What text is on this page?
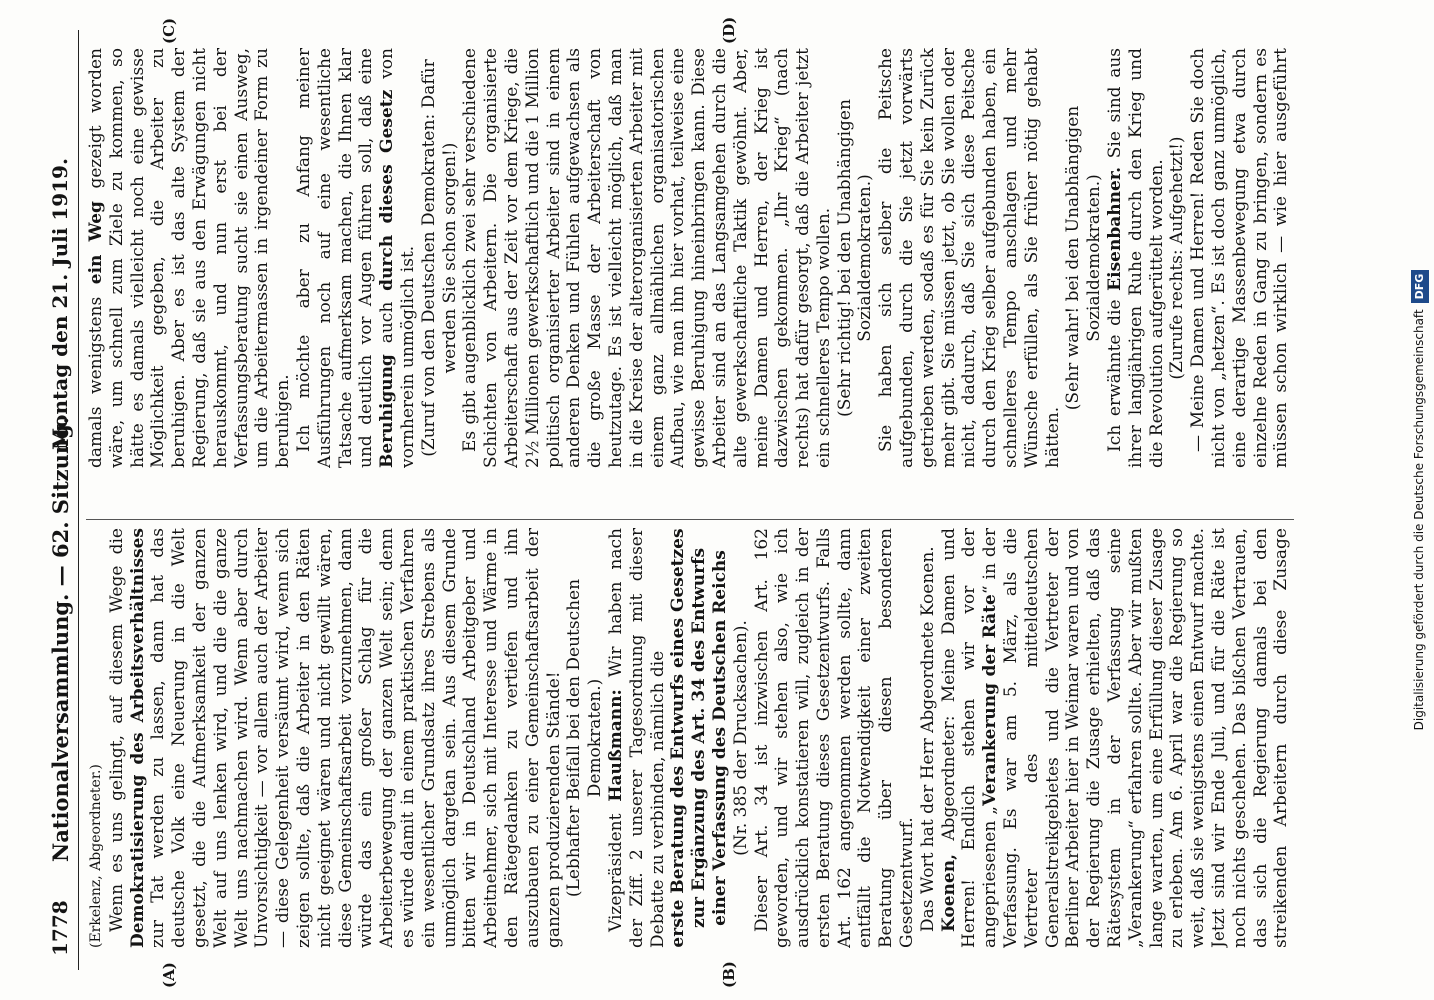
1778
Nationalversammlung. — 62. Sitzung.
Montag den 21. Juli 1919.
(A)	(B)
(C)	(D)

(Erkelenz, Abgeordneter.) Wenn es uns gelingt, auf diesem Wege die Demokratisierung des Arbeitsverhältnisses zur Tat werden zu lassen, dann hat das deutsche Volk eine Neuerung in die Welt gesetzt, die die Aufmerksamkeit der ganzen Welt auf uns lenken wird, und die die ganze Welt uns nachmachen wird. Wenn aber durch Unvorsichtigkeit — vor allem auch der Arbeiter — diese Gelegenheit versäumt wird, wenn sich zeigen sollte, daß die Arbeiter in den Räten nicht geeignet wären und nicht gewillt wären, diese Gemeinschaftsarbeit vorzunehmen, dann würde das ein großer Schlag für die Arbeiterbewegung der ganzen Welt sein; denn es würde damit in einem praktischen Verfahren ein wesentlicher Grundsatz ihres Strebens als unmöglich dargetan sein. Aus diesem Grunde bitten wir in Deutschland Arbeitgeber und Arbeitnehmer, sich mit Interesse und Wärme in den Rätegedanken zu vertiefen und ihn auszubauen zu einer Gemeinschaftsarbeit der ganzen produzierenden Stände! (Lebhafter Beifall bei den Deutschen Demokraten.)

Vizepräsident Haußmann: Wir haben nach der Ziff. 2 unserer Tagesordnung mit dieser Debatte zu verbinden, nämlich die erste Beratung des Entwurfs eines Gesetzes zur Ergänzung des Art. 34 des Entwurfs einer Verfassung des Deutschen Reichs (Nr. 385 der Drucksachen). Dieser Art. 34 ist inzwischen Art. 162 geworden, und wir stehen also, wie ich ausdrücklich konstatieren will, zugleich in der ersten Beratung dieses Gesetzentwurfs. Falls Art. 162 angenommen werden sollte, dann entfällt die Notwendigkeit einer zweiten Beratung über diesen besonderen Gesetzentwurf. Das Wort hat der Herr Abgeordnete Koenen. Koenen, Abgeordneter: Meine Damen und Herren! Endlich stehen wir vor der angepriesenen „Verankerung der Räte“ in der Verfassung. Es war am 5. März, als die Vertreter des mitteldeutschen Generalstreikgebietes und die Vertreter der Berliner Arbeiter hier in Weimar waren und von der Regierung die Zusage erhielten, daß das Rätesystem in der Verfassung seine „Verankerung“ erfahren sollte. Aber wir mußten lange warten, um eine Erfüllung dieser Zusage zu erleben. Am 6. April war die Regierung so weit, daß sie wenigstens einen Entwurf machte. Jetzt sind wir Ende Juli, und für die Räte ist noch nichts geschehen. Das bißchen Vertrauen, das sich die Regierung damals bei den streikenden Arbeitern durch diese Zusage

damals wenigstens ein Weg gezeigt worden wäre, um schnell zum Ziele zu kommen, so hätte es damals vielleicht noch eine gewisse Möglichkeit gegeben, die Arbeiter zu beruhigen. Aber es ist das alte System der Regierung, daß sie aus den Erwägungen nicht herauskommt, und nun erst bei der Verfassungsberatung sucht sie einen Ausweg, um die Arbeitermassen in irgendeiner Form zu beruhigen. Ich möchte aber zu Anfang meiner Ausführungen noch auf eine wesentliche Tatsache aufmerksam machen, die Ihnen klar und deutlich vor Augen führen soll, daß eine Beruhigung auch durch dieses Gesetz von vornherein unmöglich ist. (Zuruf von den Deutschen Demokraten: Dafür werden Sie schon sorgen!) Es gibt augenblicklich zwei sehr verschiedene Schichten von Arbeitern. Die organisierte Arbeiterschaft aus der Zeit vor dem Kriege, die 2½ Millionen gewerkschaftlich und die 1 Million politisch organisierter Arbeiter sind in einem anderen Denken und Fühlen aufgewachsen als die große Masse der Arbeiterschaft von heutzutage. Es ist vielleicht möglich, daß man in die Kreise der alterorganisierten Arbeiter mit einem ganz allmählichen organisatorischen Aufbau, wie man ihn hier vorhat, teilweise eine gewisse Beruhigung hineinbringen kann. Diese Arbeiter sind an das Langsamgehen durch die alte gewerkschaftliche Taktik gewöhnt. Aber, meine Damen und Herren, der Krieg ist dazwischen gekommen. „Ihr Krieg“ (nach rechts) hat dafür gesorgt, daß die Arbeiter jetzt ein schnelleres Tempo wollen. (Sehr richtig! bei den Unabhängigen Sozialdemokraten.) Sie haben sich selber die Peitsche aufgebunden, durch die Sie jetzt vorwärts getrieben werden, sodaß es für Sie kein Zurück mehr gibt. Sie müssen jetzt, ob Sie wollen oder nicht, dadurch, daß Sie sich diese Peitsche durch den Krieg selber aufgebunden haben, ein schnelleres Tempo anschlagen und mehr Wünsche erfüllen, als Sie früher nötig gehabt hätten.

(Sehr wahr! bei den Unabhängigen Sozialdemokraten.)

Ich erwähnte die Eisenbahner. Sie sind aus ihrer langjährigen Ruhe durch den Krieg und die Revolution aufgerüttelt worden. (Zurufe rechts: Aufgehetzt!)

— Meine Damen und Herren! Reden Sie doch nicht von „hetzen“. Es ist doch ganz unmöglich, eine derartige Massenbewegung etwa durch einzelne Reden in Gang zu bringen, sondern es müssen schon wirklich — wie hier ausgeführt

Digitalisierung gefördert durch die Deutsche ForschungsgemeinschaftDFG
